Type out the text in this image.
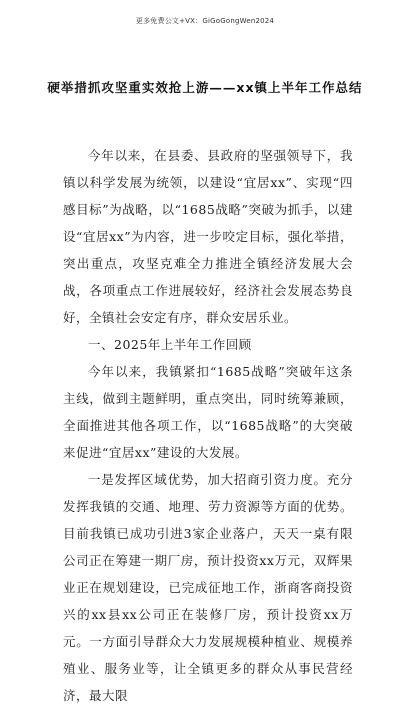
更多免费公文+VX：GiGoGongWen2024
硬举措抓攻坚重实效抢上游——xx镇上半年工作总结

今年以来，在县委、县政府的坚强领导下，我镇以科学发展为统领，以建设“宜居xx”、实现“四感目标”为战略，以“1685战略”突破为抓手，以建设“宜居xx”为内容，进一步咬定目标，强化举措，突出重点，攻坚克难全力推进全镇经济发展大会战，各项重点工作进展较好，经济社会发展态势良好，全镇社会安定有序，群众安居乐业。

一、2025年上半年工作回顾

今年以来，我镇紧扣“1685战略”突破年这条主线，做到主题鲜明，重点突出，同时统筹兼顾，全面推进其他各项工作，以“1685战略”的大突破来促进“宜居xx”建设的大发展。

一是发挥区域优势，加大招商引资力度。充分发挥我镇的交通、地理、劳力资源等方面的优势。目前我镇已成功引进3家企业落户，天天一桌有限公司正在筹建一期厂房，预计投资xx万元，双辉果业正在规划建设，已完成征地工作，浙商客商投资兴的xx县xx公司正在装修厂房，预计投资xx万元。一方面引导群众大力发展规模种植业、规模养殖业、服务业等，让全镇更多的群众从事民营经济，最大限
